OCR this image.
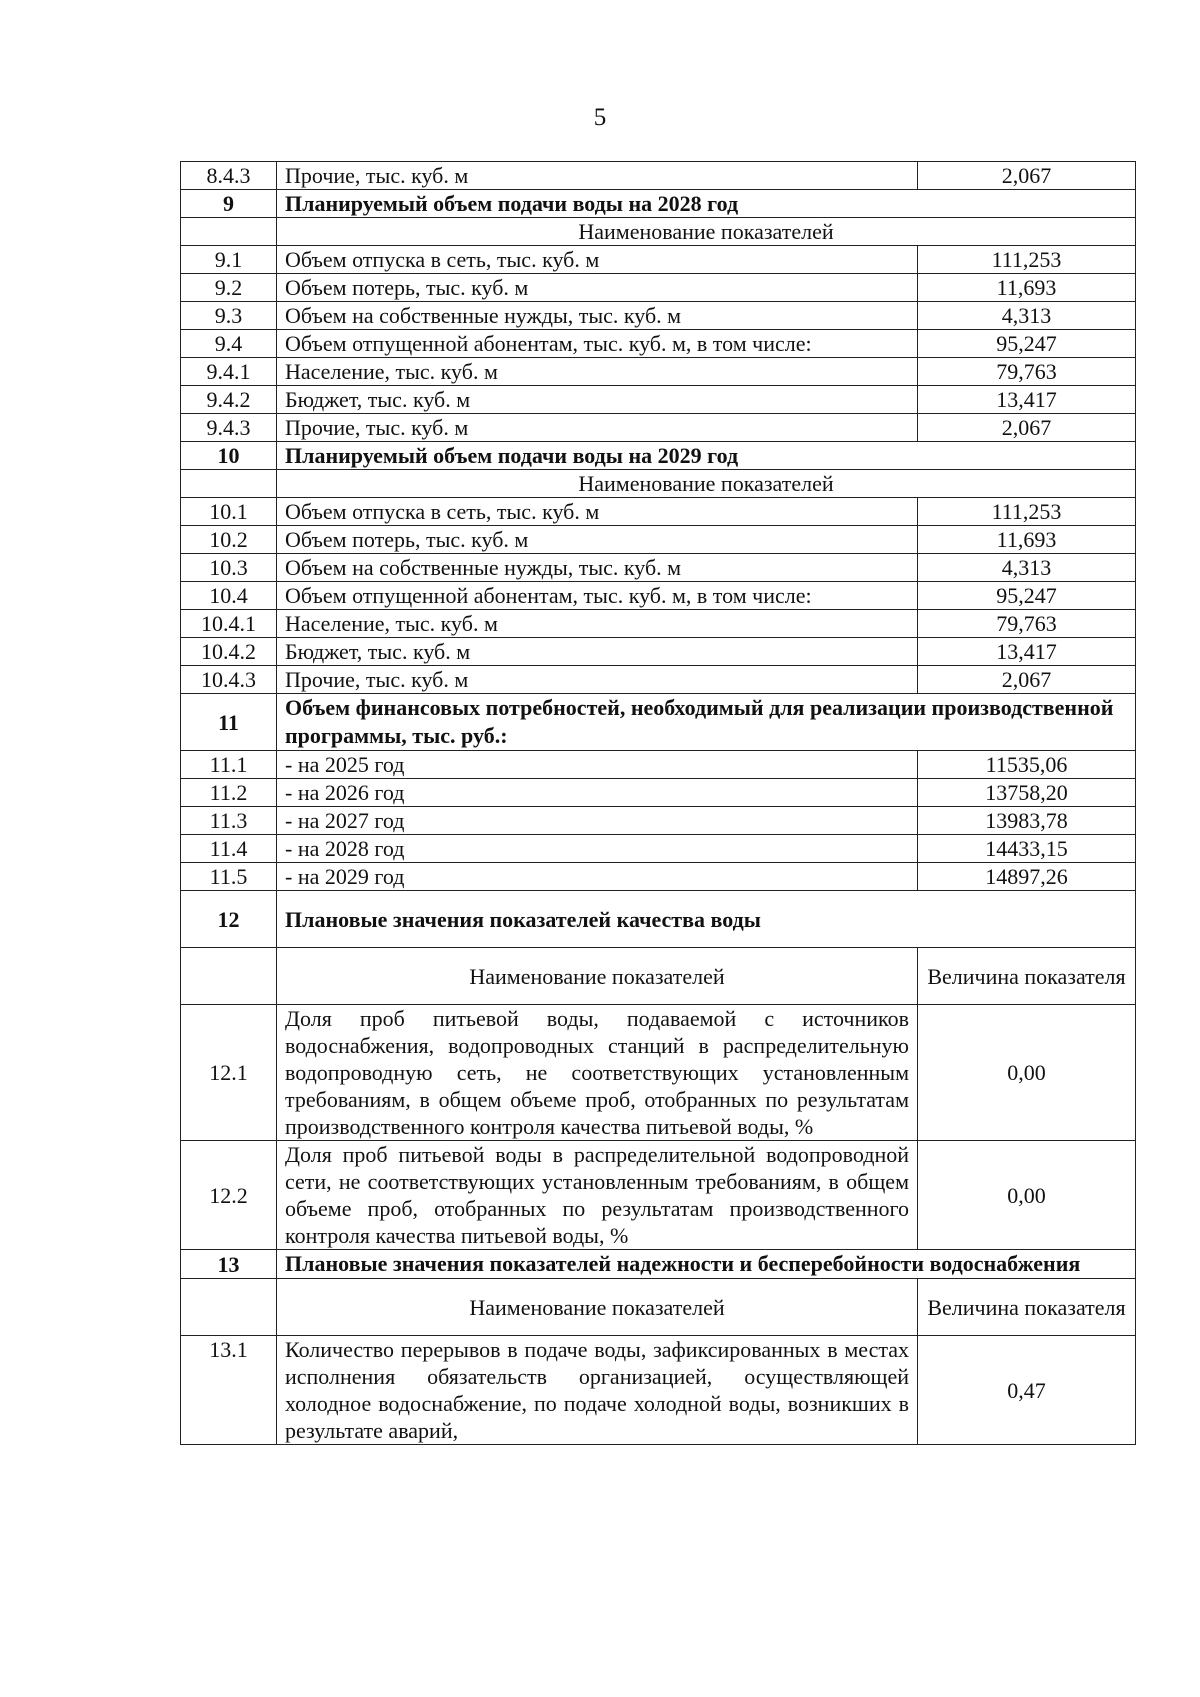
5
8.4.3	Прочие, тыс. куб. м	2,067
9	Планируемый объем подачи воды на 2028 год	
	Наименование показателей	
9.1	Объем отпуска в сеть, тыс. куб. м	111,253
9.2	Объем потерь, тыс. куб. м	11,693
9.3	Объем на собственные нужды, тыс. куб. м	4,313
9.4	Объем отпущенной абонентам, тыс. куб. м, в том числе:	95,247
9.4.1	Население, тыс. куб. м	79,763
9.4.2	Бюджет, тыс. куб. м	13,417
9.4.3	Прочие, тыс. куб. м	2,067
10	Планируемый объем подачи воды на 2029 год	
	Наименование показателей	
10.1	Объем отпуска в сеть, тыс. куб. м	111,253
10.2	Объем потерь, тыс. куб. м	11,693
10.3	Объем на собственные нужды, тыс. куб. м	4,313
10.4	Объем отпущенной абонентам, тыс. куб. м, в том числе:	95,247
10.4.1	Население, тыс. куб. м	79,763
10.4.2	Бюджет, тыс. куб. м	13,417
10.4.3	Прочие, тыс. куб. м	2,067
11	Объем финансовых потребностей, необходимый для реализации производственной программы, тыс. руб.:	
11.1	- на 2025 год	11535,06
11.2	- на 2026 год	13758,20
11.3	- на 2027 год	13983,78
11.4	- на 2028 год	14433,15
11.5	- на 2029 год	14897,26
12	Плановые значения показателей качества воды	
	Наименование показателей	Величина показателя
12.1	Доля проб питьевой воды, подаваемой с источников водоснабжения, водопроводных станций в распределительную водопроводную сеть, не соответствующих установленным требованиям, в общем объеме проб, отобранных по результатам производственного контроля качества питьевой воды, %	0,00
12.2	Доля проб питьевой воды в распределительной водопроводной сети, не соответствующих установленным требованиям, в общем объеме проб, отобранных по результатам производственного контроля качества питьевой воды, %	0,00
13	Плановые значения показателей надежности и бесперебойности водоснабжения	
	Наименование показателей	Величина показателя
13.1	Количество перерывов в подаче воды, зафиксированных в местах исполнения обязательств организацией, осуществляющей холодное водоснабжение, по подаче холодной воды, возникших в результате аварий,	0,47
